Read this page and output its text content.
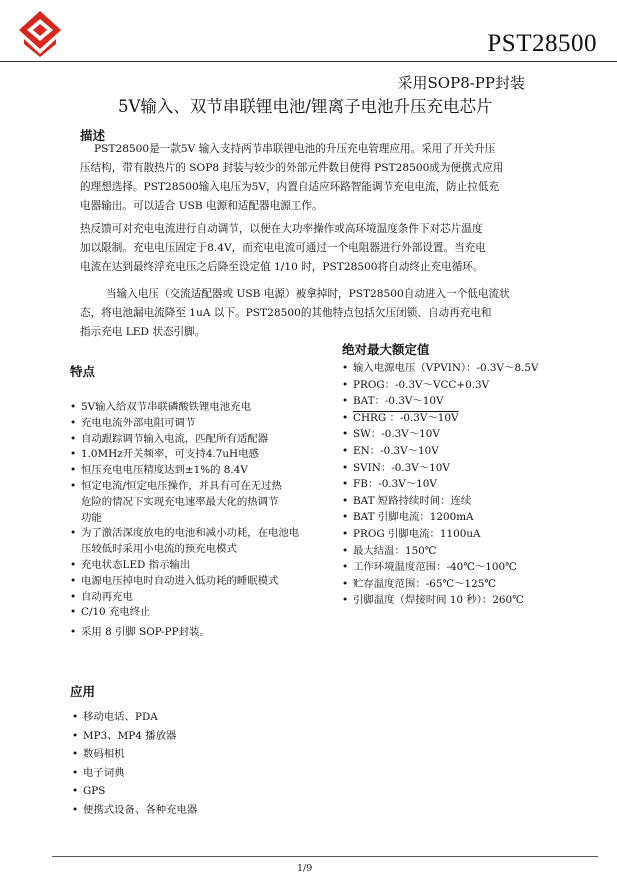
PST28500
采用SOP8-PP封装
5V输入、双节串联锂电池/锂离子电池升压充电芯片
描述
PST28500是一款5V 输入支持两节串联锂电池的升压充电管理应用。采用了开关升压
压结构，带有散热片的 SOP8 封装与较少的外部元件数目使得 PST28500成为便携式应用
的理想选择。PST28500输入电压为5V，内置自适应环路智能调节充电电流，防止拉低充
电器输出。可以适合 USB 电源和适配器电源工作。
热反馈可对充电电流进行自动调节，以便在大功率操作或高环境温度条件下对芯片温度
加以限制。充电电压固定于8.4V，而充电电流可通过一个电阻器进行外部设置。当充电
电流在达到最终浮充电压之后降至设定值 1/10 时，PST28500将自动终止充电循环。
当输入电压（交流适配器或 USB 电源）被拿掉时，PST28500自动进入一个低电流状
态，将电池漏电流降至 1uA 以下。PST28500的其他特点包括欠压闭锁、自动再充电和
指示充电 LED 状态引脚。
特点
• 5V输入给双节串联磷酸铁锂电池充电
• 充电电流外部电阻可调节
• 自动跟踪调节输入电流，匹配所有适配器
• 1.0MHz开关频率，可支持4.7uH电感
• 恒压充电电压精度达到±1%的 8.4V
• 恒定电流/恒定电压操作，并具有可在无过热
危险的情况下实现充电速率最大化的热调节
功能
• 为了激活深度放电的电池和减小功耗，在电池电
压较低时采用小电流的预充电模式
• 充电状态LED 指示输出
• 电源电压掉电时自动进入低功耗的睡眠模式
• 自动再充电
• C/10 充电终止
• 采用 8 引脚 SOP-PP封装。
绝对最大额定值
• 输入电源电压（VPVIN）：-0.3V～8.5V
• PROG：-0.3V～VCC+0.3V
• BAT：-0.3V～10V
• CHRG ：-0.3V～10V
• SW：-0.3V～10V
• EN：-0.3V～10V
• SVIN：-0.3V～10V
• FB：-0.3V～10V
• BAT 短路持续时间：连续
• BAT 引脚电流：1200mA
• PROG 引脚电流：1100uA
• 最大结温：150℃
• 工作环境温度范围：-40℃～100℃
• 贮存温度范围：-65℃～125℃
• 引脚温度（焊接时间 10 秒）：260℃
应用
• 移动电话、PDA
• MP3、MP4 播放器
• 数码相机
• 电子词典
• GPS
• 便携式设备、各种充电器
1/9
